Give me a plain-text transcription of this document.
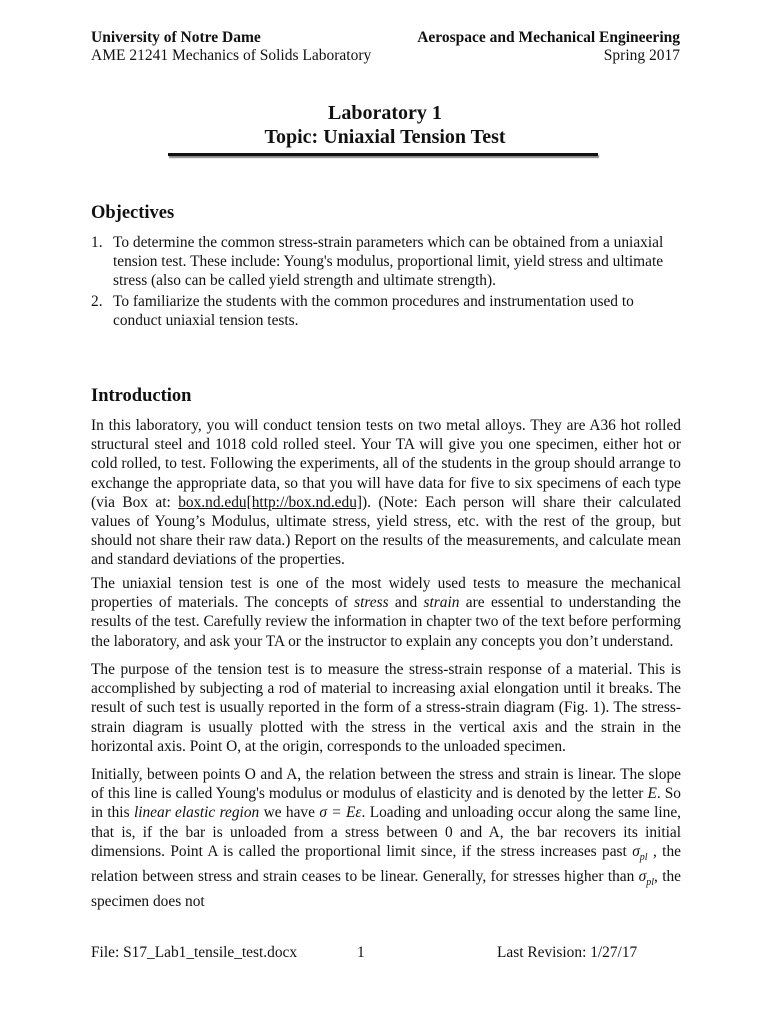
University of Notre Dame	Aerospace and Mechanical Engineering
AME 21241 Mechanics of Solids Laboratory	Spring 2017
Laboratory 1
Topic: Uniaxial Tension Test
Objectives
1. To determine the common stress-strain parameters which can be obtained from a uniaxial tension test. These include: Young's modulus, proportional limit, yield stress and ultimate stress (also can be called yield strength and ultimate strength).
2. To familiarize the students with the common procedures and instrumentation used to conduct uniaxial tension tests.
Introduction
In this laboratory, you will conduct tension tests on two metal alloys. They are A36 hot rolled structural steel and 1018 cold rolled steel. Your TA will give you one specimen, either hot or cold rolled, to test. Following the experiments, all of the students in the group should arrange to exchange the appropriate data, so that you will have data for five to six specimens of each type (via Box at: box.nd.edu[http://box.nd.edu]). (Note: Each person will share their calculated values of Young’s Modulus, ultimate stress, yield stress, etc. with the rest of the group, but should not share their raw data.) Report on the results of the measurements, and calculate mean and standard deviations of the properties.
The uniaxial tension test is one of the most widely used tests to measure the mechanical properties of materials. The concepts of stress and strain are essential to understanding the results of the test. Carefully review the information in chapter two of the text before performing the laboratory, and ask your TA or the instructor to explain any concepts you don’t understand.
The purpose of the tension test is to measure the stress-strain response of a material. This is accomplished by subjecting a rod of material to increasing axial elongation until it breaks. The result of such test is usually reported in the form of a stress-strain diagram (Fig. 1). The stress-strain diagram is usually plotted with the stress in the vertical axis and the strain in the horizontal axis. Point O, at the origin, corresponds to the unloaded specimen.
Initially, between points O and A, the relation between the stress and strain is linear. The slope of this line is called Young's modulus or modulus of elasticity and is denoted by the letter E. So in this linear elastic region we have σ = Eε. Loading and unloading occur along the same line, that is, if the bar is unloaded from a stress between 0 and A, the bar recovers its initial dimensions. Point A is called the proportional limit since, if the stress increases past $\sigma_{pl}$ , the relation between stress and strain ceases to be linear. Generally, for stresses higher than $\sigma_{pl}$, the specimen does not
File: S17_Lab1_tensile_test.docx	1	Last Revision: 1/27/17
